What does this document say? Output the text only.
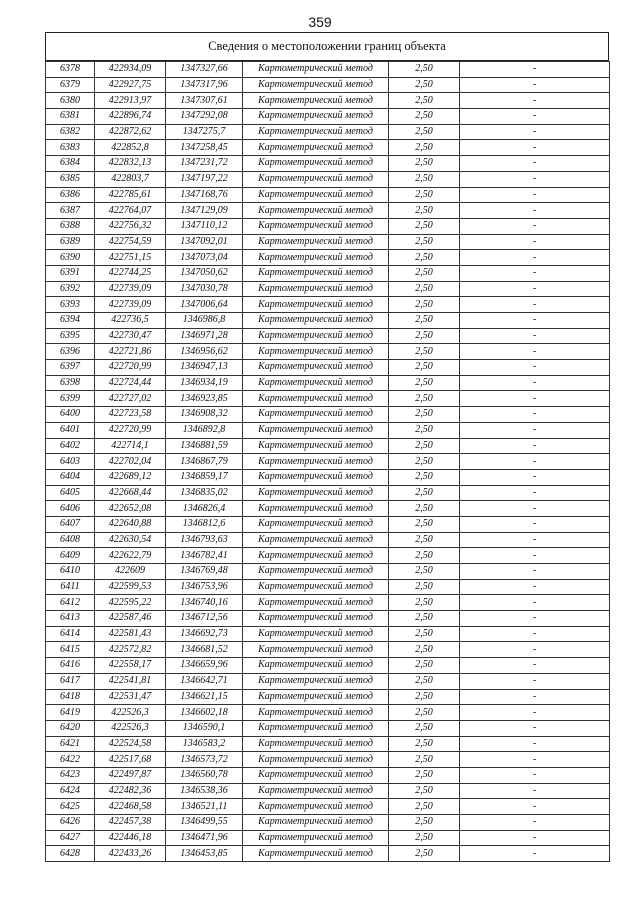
359
Сведения о местоположении границ объекта
6378	422934,09	1347327,66	Картометрический метод	2,50	-
6379	422927,75	1347317,96	Картометрический метод	2,50	-
6380	422913,97	1347307,61	Картометрический метод	2,50	-
6381	422896,74	1347292,08	Картометрический метод	2,50	-
6382	422872,62	1347275,7	Картометрический метод	2,50	-
6383	422852,8	1347258,45	Картометрический метод	2,50	-
6384	422832,13	1347231,72	Картометрический метод	2,50	-
6385	422803,7	1347197,22	Картометрический метод	2,50	-
6386	422785,61	1347168,76	Картометрический метод	2,50	-
6387	422764,07	1347129,09	Картометрический метод	2,50	-
6388	422756,32	1347110,12	Картометрический метод	2,50	-
6389	422754,59	1347092,01	Картометрический метод	2,50	-
6390	422751,15	1347073,04	Картометрический метод	2,50	-
6391	422744,25	1347050,62	Картометрический метод	2,50	-
6392	422739,09	1347030,78	Картометрический метод	2,50	-
6393	422739,09	1347006,64	Картометрический метод	2,50	-
6394	422736,5	1346986,8	Картометрический метод	2,50	-
6395	422730,47	1346971,28	Картометрический метод	2,50	-
6396	422721,86	1346956,62	Картометрический метод	2,50	-
6397	422720,99	1346947,13	Картометрический метод	2,50	-
6398	422724,44	1346934,19	Картометрический метод	2,50	-
6399	422727,02	1346923,85	Картометрический метод	2,50	-
6400	422723,58	1346908,32	Картометрический метод	2,50	-
6401	422720,99	1346892,8	Картометрический метод	2,50	-
6402	422714,1	1346881,59	Картометрический метод	2,50	-
6403	422702,04	1346867,79	Картометрический метод	2,50	-
6404	422689,12	1346859,17	Картометрический метод	2,50	-
6405	422668,44	1346835,02	Картометрический метод	2,50	-
6406	422652,08	1346826,4	Картометрический метод	2,50	-
6407	422640,88	1346812,6	Картометрический метод	2,50	-
6408	422630,54	1346793,63	Картометрический метод	2,50	-
6409	422622,79	1346782,41	Картометрический метод	2,50	-
6410	422609	1346769,48	Картометрический метод	2,50	-
6411	422599,53	1346753,96	Картометрический метод	2,50	-
6412	422595,22	1346740,16	Картометрический метод	2,50	-
6413	422587,46	1346712,56	Картометрический метод	2,50	-
6414	422581,43	1346692,73	Картометрический метод	2,50	-
6415	422572,82	1346681,52	Картометрический метод	2,50	-
6416	422558,17	1346659,96	Картометрический метод	2,50	-
6417	422541,81	1346642,71	Картометрический метод	2,50	-
6418	422531,47	1346621,15	Картометрический метод	2,50	-
6419	422526,3	1346602,18	Картометрический метод	2,50	-
6420	422526,3	1346590,1	Картометрический метод	2,50	-
6421	422524,58	1346583,2	Картометрический метод	2,50	-
6422	422517,68	1346573,72	Картометрический метод	2,50	-
6423	422497,87	1346560,78	Картометрический метод	2,50	-
6424	422482,36	1346538,36	Картометрический метод	2,50	-
6425	422468,58	1346521,11	Картометрический метод	2,50	-
6426	422457,38	1346499,55	Картометрический метод	2,50	-
6427	422446,18	1346471,96	Картометрический метод	2,50	-
6428	422433,26	1346453,85	Картометрический метод	2,50	-
